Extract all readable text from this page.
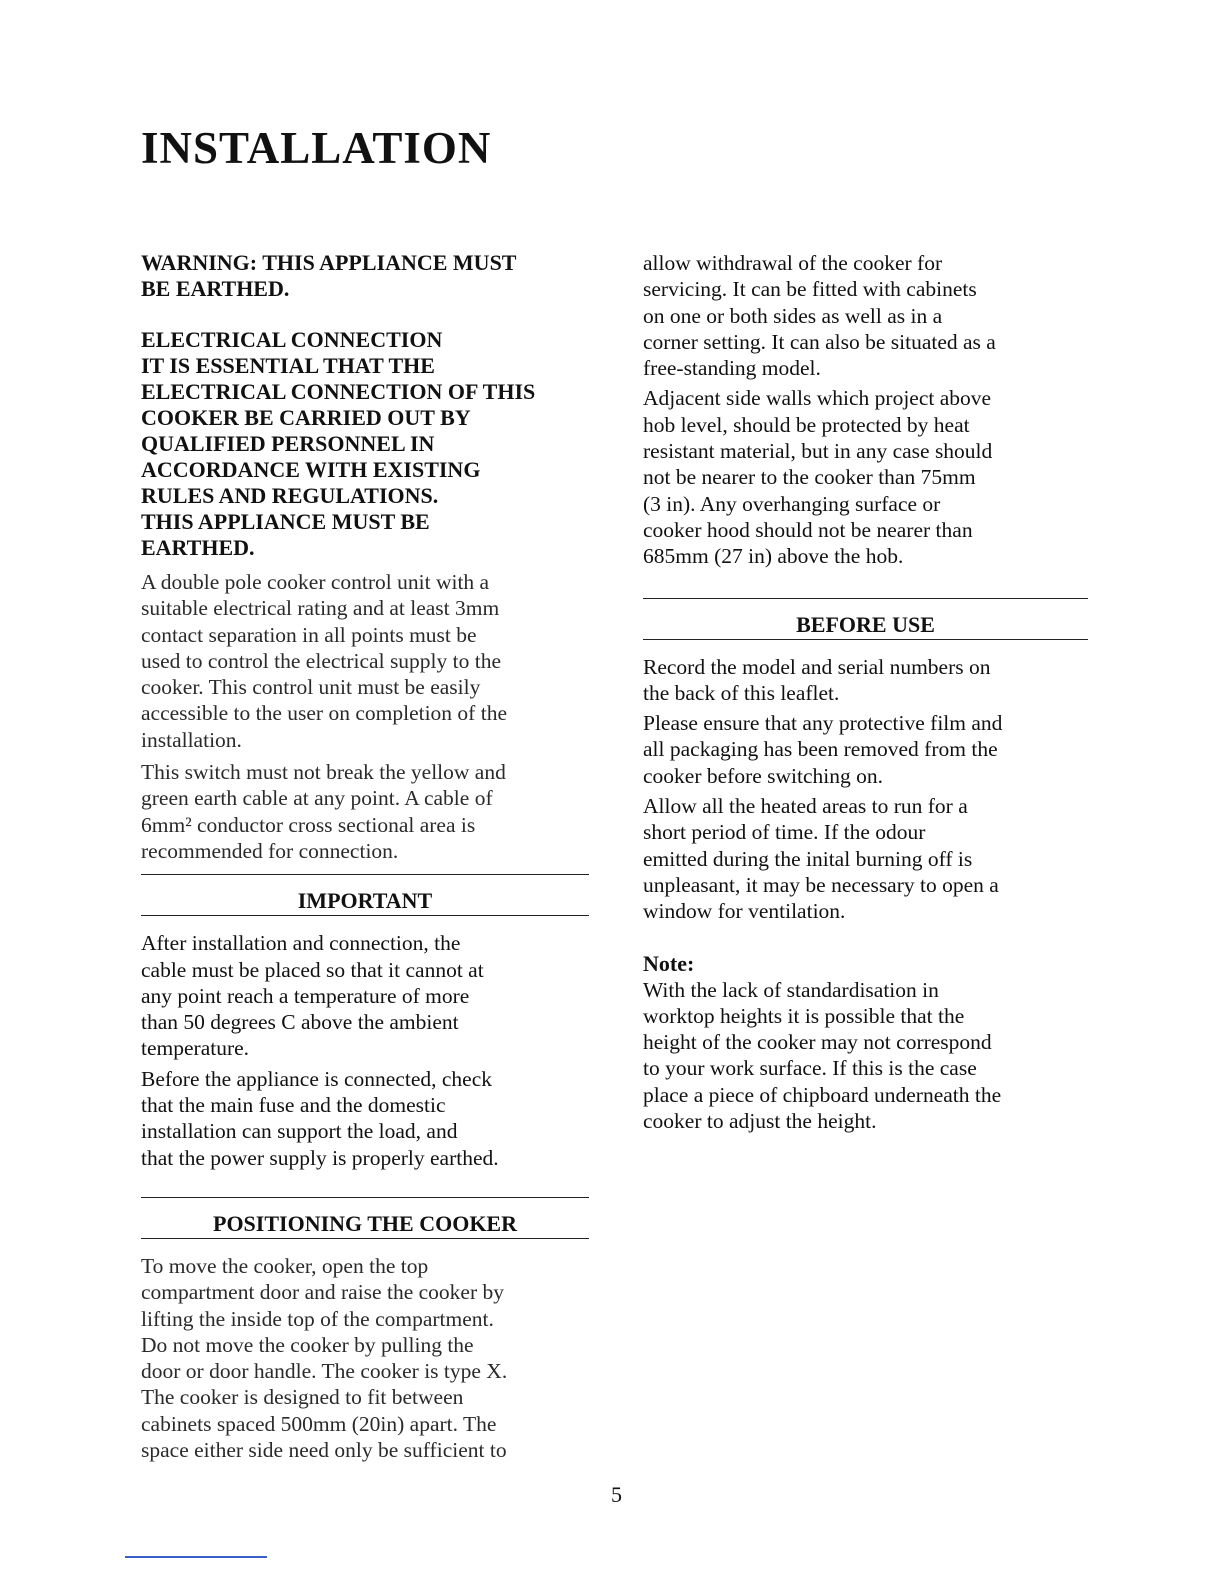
INSTALLATION

WARNING: THIS APPLIANCE MUST
BE EARTHED.

ELECTRICAL CONNECTION
IT IS ESSENTIAL THAT THE
ELECTRICAL CONNECTION OF THIS
COOKER BE CARRIED OUT BY
QUALIFIED PERSONNEL IN
ACCORDANCE WITH EXISTING
RULES AND REGULATIONS.
THIS APPLIANCE MUST BE
EARTHED.

A double pole cooker control unit with a
suitable electrical rating and at least 3mm
contact separation in all points must be
used to control the electrical supply to the
cooker. This control unit must be easily
accessible to the user on completion of the
installation.

This switch must not break the yellow and
green earth cable at any point. A cable of
6mm² conductor cross sectional area is
recommended for connection.

IMPORTANT

After installation and connection, the
cable must be placed so that it cannot at
any point reach a temperature of more
than 50 degrees C above the ambient
temperature.

Before the appliance is connected, check
that the main fuse and the domestic
installation can support the load, and
that the power supply is properly earthed.

POSITIONING THE COOKER

To move the cooker, open the top
compartment door and raise the cooker by
lifting the inside top of the compartment.
Do not move the cooker by pulling the
door or door handle. The cooker is type X.
The cooker is designed to fit between
cabinets spaced 500mm (20in) apart. The
space either side need only be sufficient to

allow withdrawal of the cooker for
servicing. It can be fitted with cabinets
on one or both sides as well as in a
corner setting. It can also be situated as a
free-standing model.

Adjacent side walls which project above
hob level, should be protected by heat
resistant material, but in any case should
not be nearer to the cooker than 75mm
(3 in). Any overhanging surface or
cooker hood should not be nearer than
685mm (27 in) above the hob.

BEFORE USE

Record the model and serial numbers on
the back of this leaflet.

Please ensure that any protective film and
all packaging has been removed from the
cooker before switching on.

Allow all the heated areas to run for a
short period of time. If the odour
emitted during the inital burning off is
unpleasant, it may be necessary to open a
window for ventilation.

Note:

With the lack of standardisation in
worktop heights it is possible that the
height of the cooker may not correspond
to your work surface. If this is the case
place a piece of chipboard underneath the
cooker to adjust the height.

5
